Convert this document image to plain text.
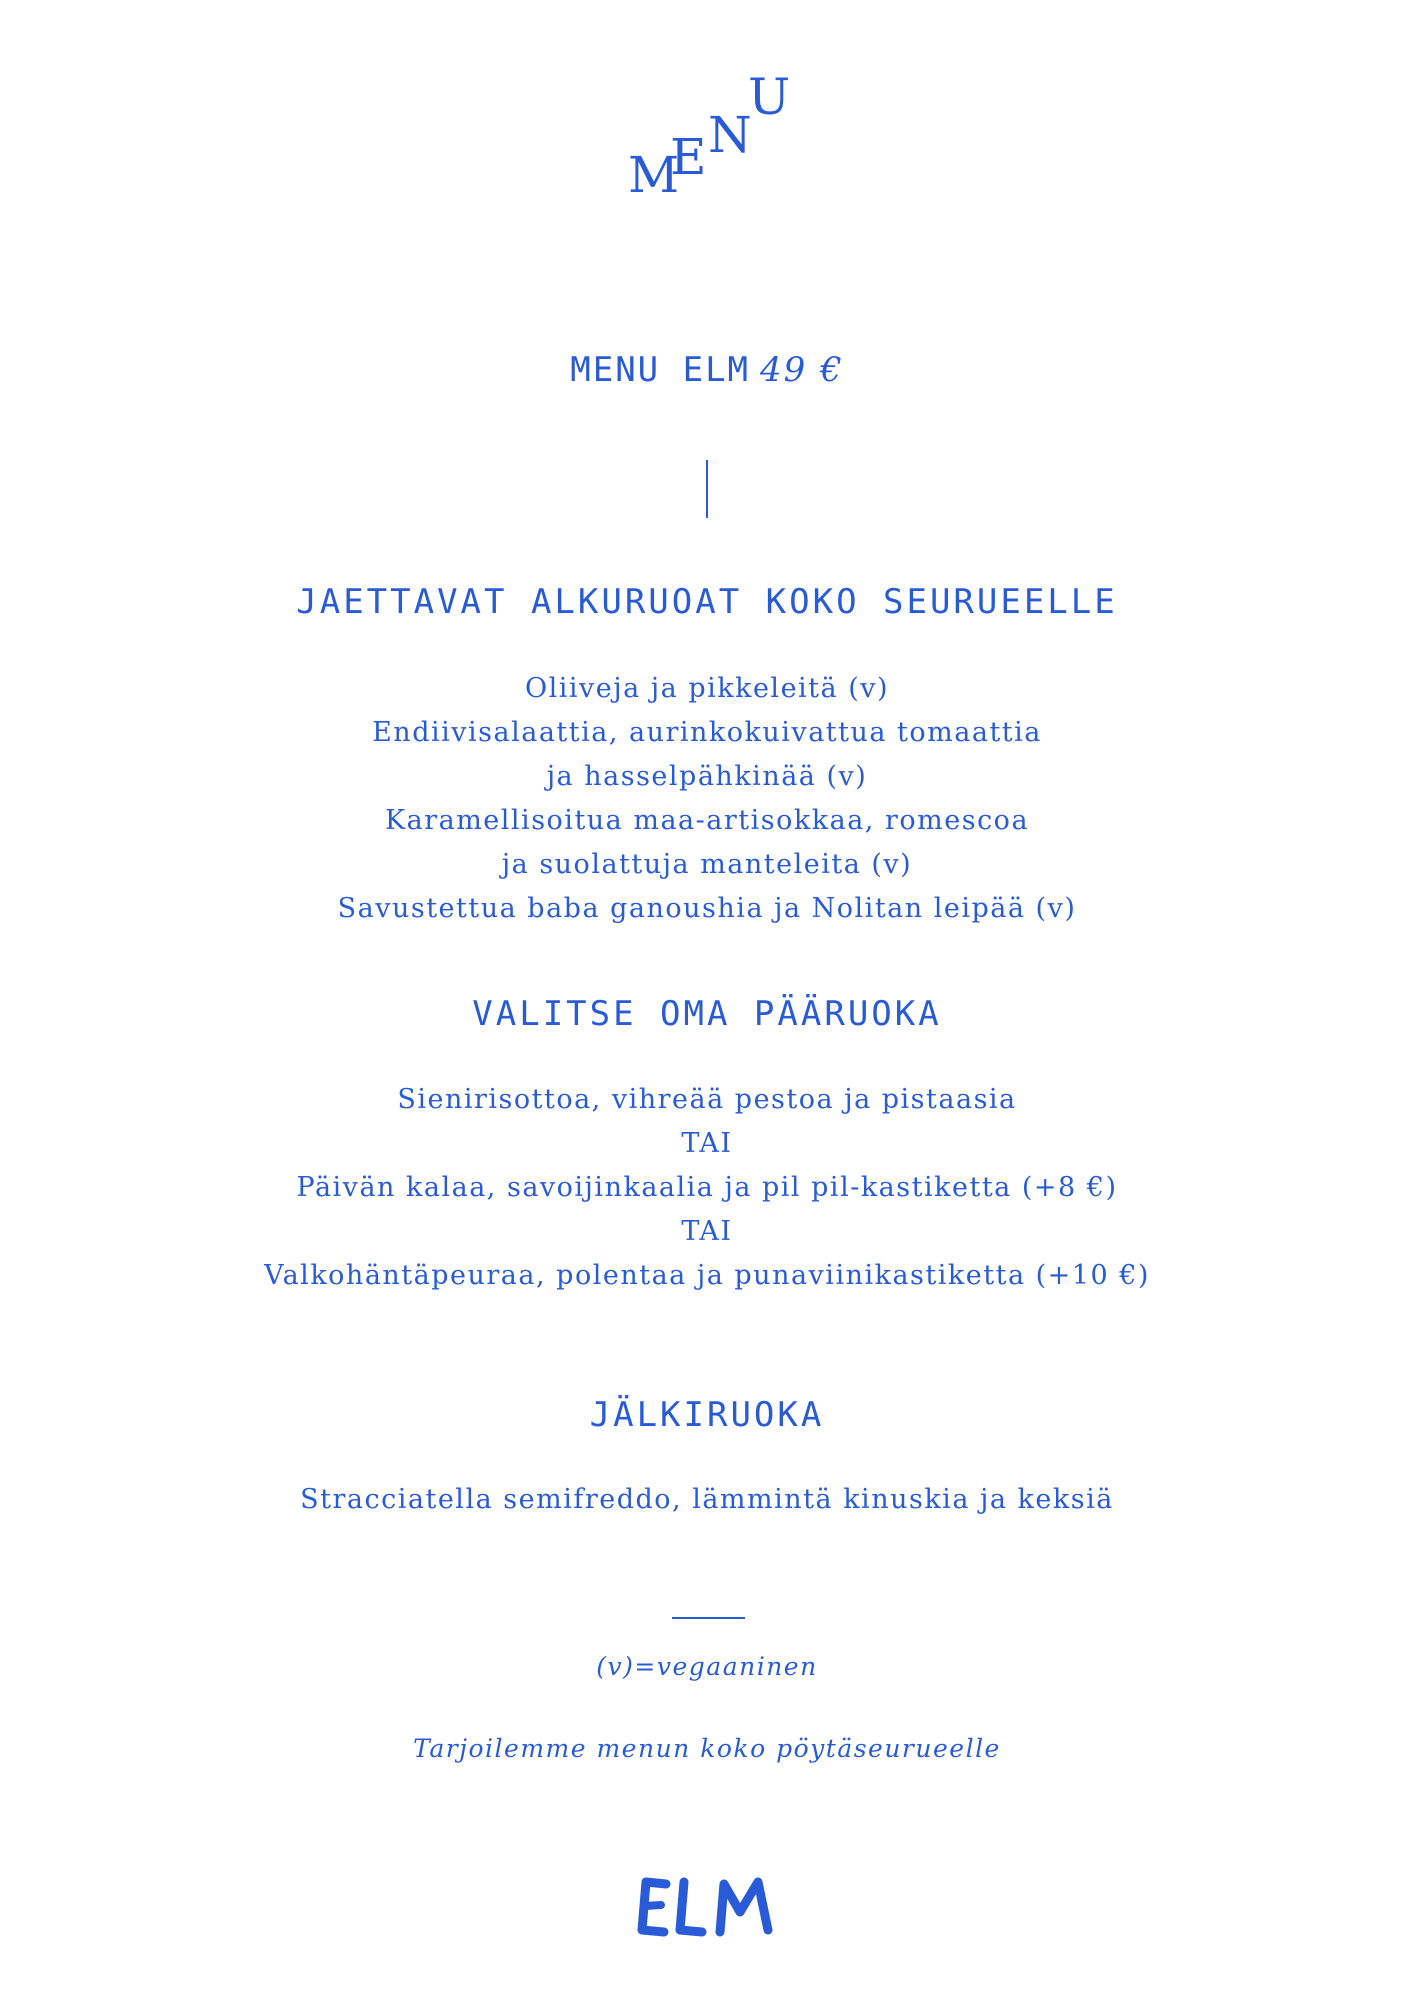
M
E N
U
MENU ELM 49 €
JAETTAVAT ALKURUOAT KOKO SEURUEELLE
Oliiveja ja pikkeleitä (v)
Endiivisalaattia, aurinkokuivattua tomaattia
ja hasselpähkinää (v)
Karamellisoitua maa-artisokkaa, romescoa
ja suolattuja manteleita (v)
Savustettua baba ganoushia ja Nolitan leipää (v)
VALITSE OMA PÄÄRUOKA
Sienirisottoa, vihreää pestoa ja pistaasia
TAI
Päivän kalaa, savoijinkaalia ja pil pil-kastiketta (+8 €)
TAI
Valkohäntäpeuraa, polentaa ja punaviinikastiketta (+10 €)
JÄLKIRUOKA
Stracciatella semifreddo, lämmintä kinuskia ja keksiä
(v)=vegaaninen
Tarjoilemme menun koko pöytäseurueelle
